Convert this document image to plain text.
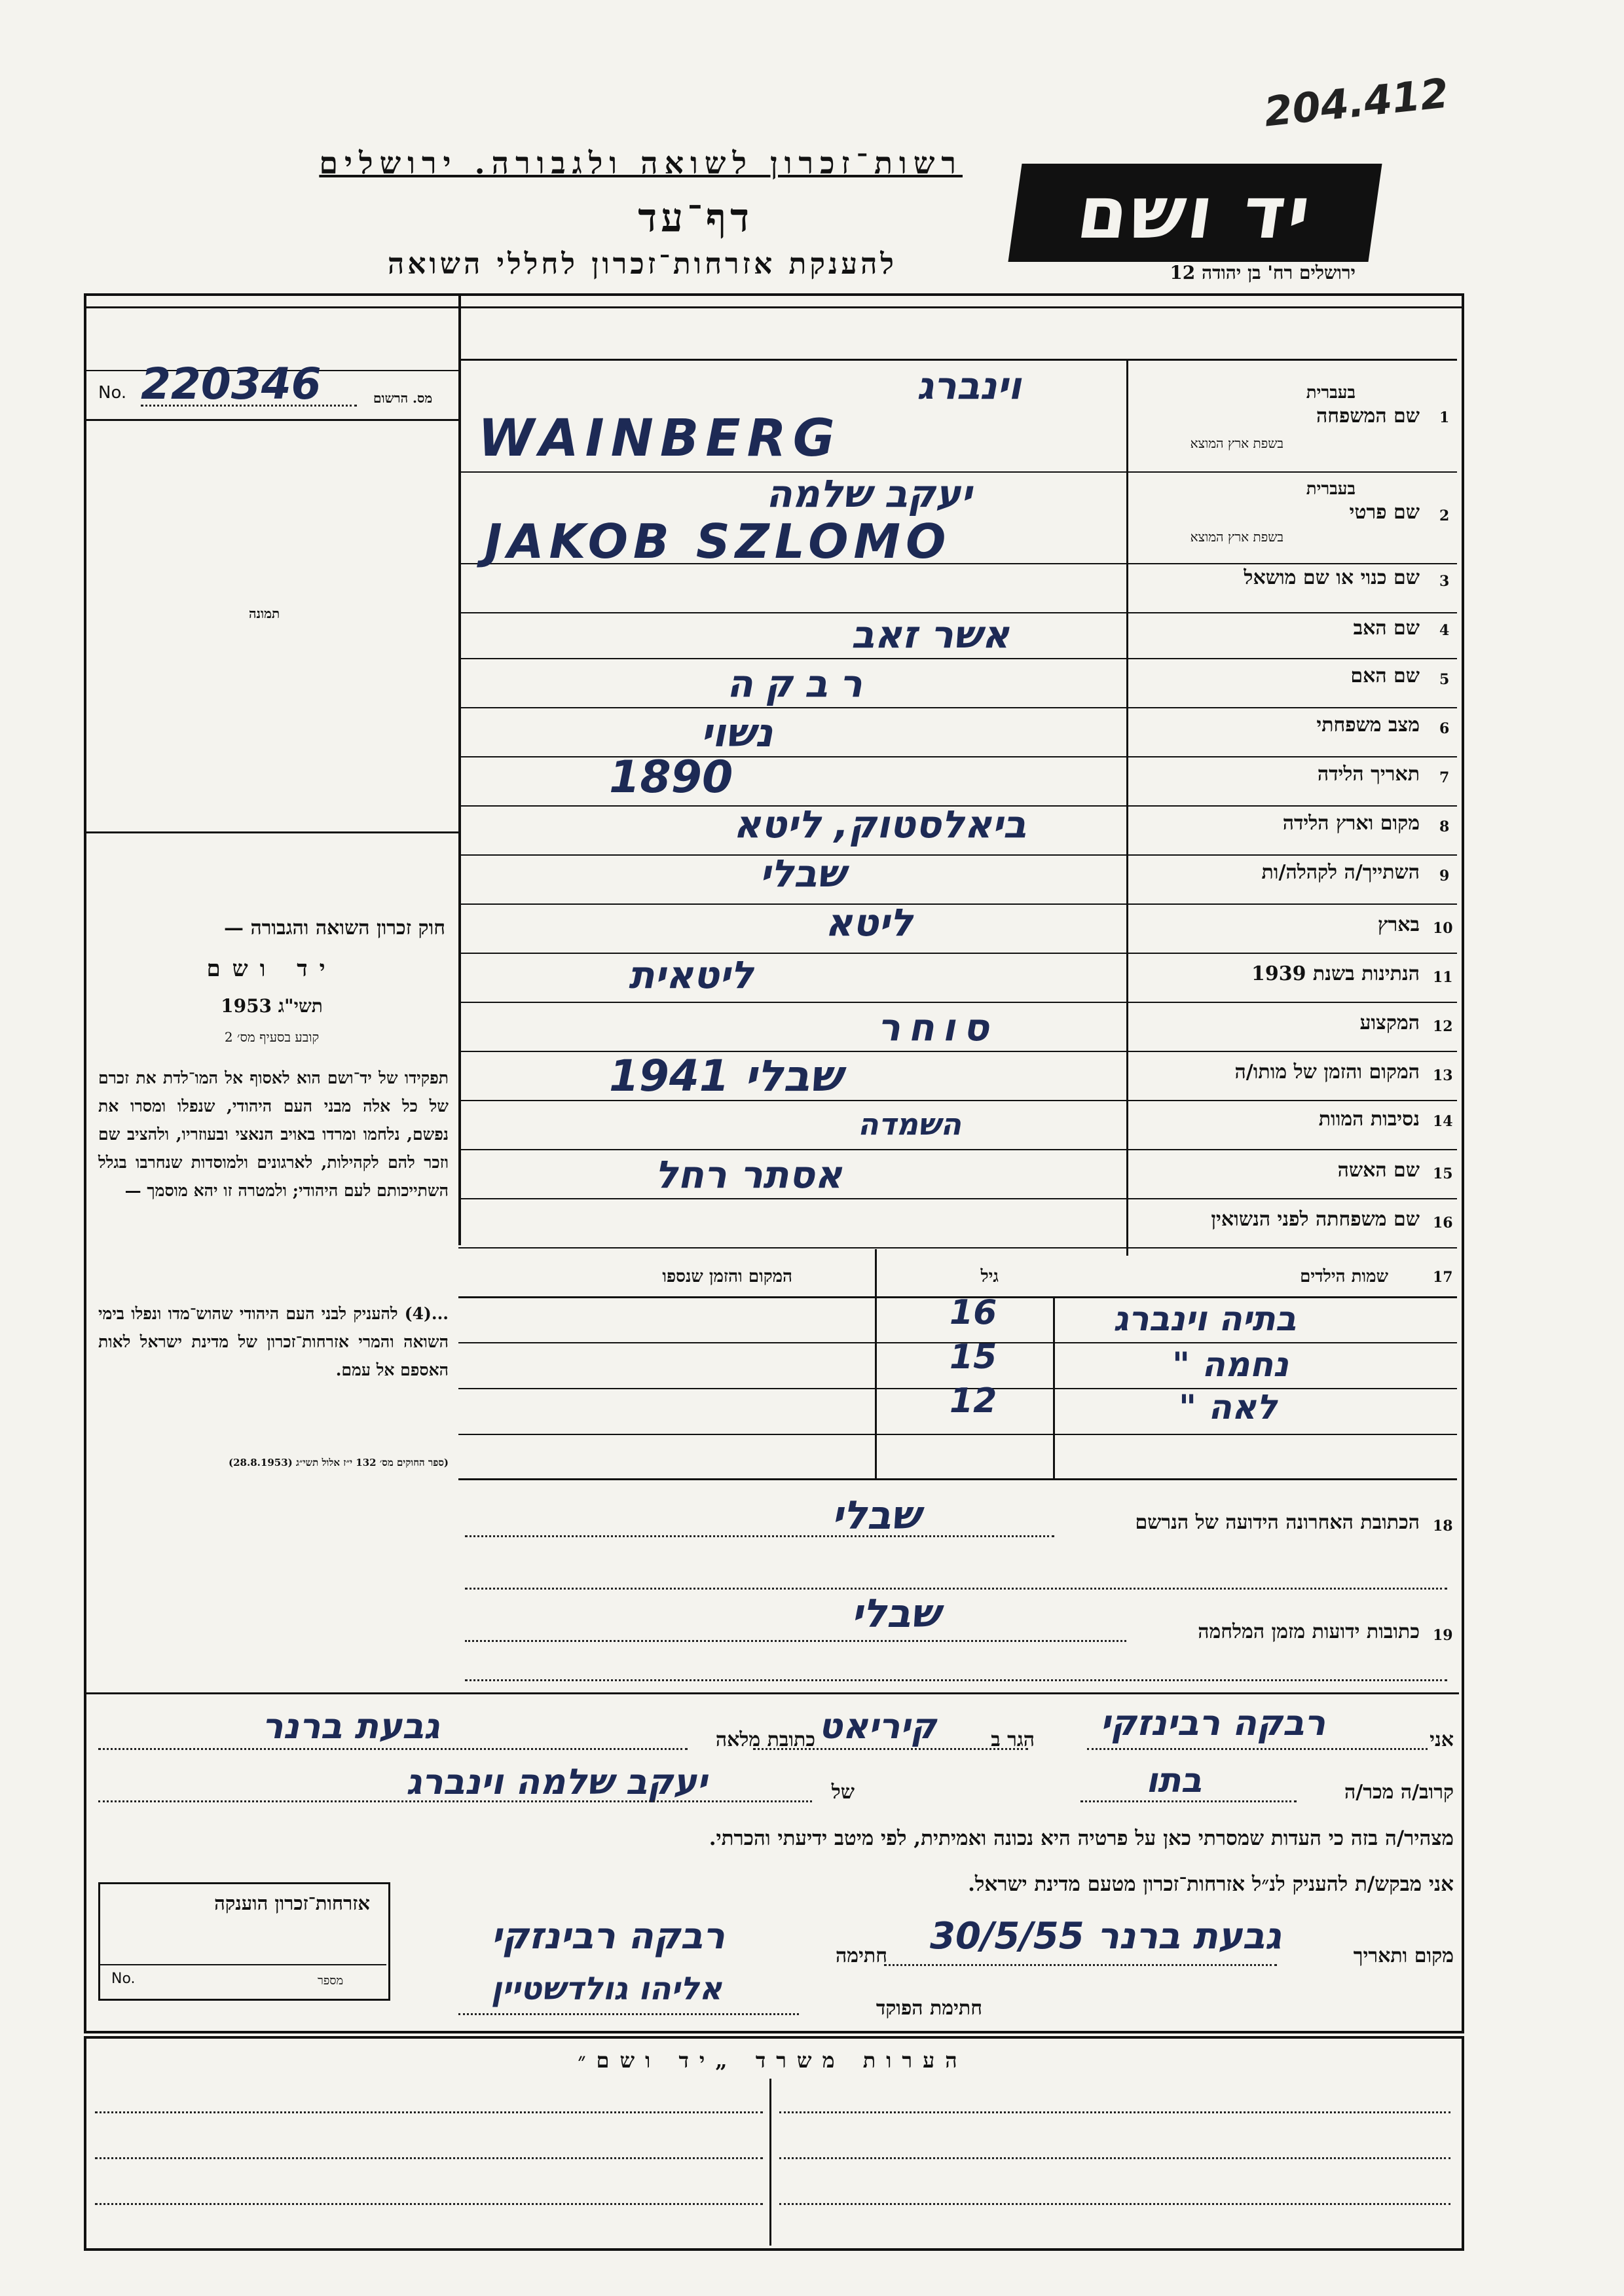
204.412
רשות־זכרון לשואה ולגבורה. ירושלים
דף־עד
להענקת אזרחות־זכרון לחללי השואה
יד ושם
ירושלים רח' בן יהודה 12
No. 220346	מס. הרשום
תמונה
חוק זכרון השואה והגבורה —
יד ושם
תשי"ג 1953
קובע בסעיף מס׳ 2
תפקידו של יד־ושם הוא לאסוף אל המו־לדת את זכרם של כל אלה מבני העם היהודי, שנפלו ומסרו את נפשם, נלחמו ומרדו באויב הנאצי ובעוזריו, ולהציב שם וזכר להם לקהילות, לארגונים ולמוסדות שנחרבו בגלל השתייכותם לעם היהודי; ולמטרה זו יהא מוסמך —
...(4) להעניק לבני העם היהודי שהוש־מדו ונפלו בימי השואה והמרי אזרחות־זכרון של מדינת ישראל לאות האספם אל עמם.
(ספר החוקים מס׳ 132 י״ז אלול תשי״ג (28.8.1953)
1
שם המשפחה
בעברית
בשפת ארץ המוצא
וינברג
WAINBERG
2
שם פרטי
בעברית
בשפת ארץ המוצא
יעקב שלמה
JAKOB SZLOMO
3
שם כנוי או שם מושאל
4
שם האב
אשר זאב
5
שם האם
רבקה
6
מצב משפחתי
נשוי
7
תאריך הלידה
1890
8
מקום וארץ הלידה
ביאלסטוק, ליטא
9
השתייך/ה לקהלה/ות
שבלי
10
בארץ
ליטא
11
הנתינות בשנת 1939
ליטאית
12
המקצוע
סוחר
13
המקום והזמן של מותו/ה
שבלי 1941
14
נסיבות המוות
השמדה
15
שם האשה
אסתר רחל
16
שם משפחתה לפני הנשואין
17
שמות הילדים
גיל
המקום והזמן שנספו
בתיה וינברג
16
נחמה "
15
לאה "
12
18
הכתובת האחרונה הידועה של הנרשם
שבלי
19
כתובות ידועות מזמן המלחמה
שבלי
אני
רבקה רבינזקי
הגר ב
קיריאט
כתובת מלאה
גבעת ברנר
קרוב/ה מכר/ה
בתו
של
יעקב שלמה וינברג
מצהיר/ה בזה כי העדות שמסרתי כאן על פרטיה היא נכונה ואמיתית, לפי מיטב ידיעתי והכרתי.
אני מבקש/ת להעניק לנ״ל אזרחות־זכרון מטעם מדינת ישראל.
אזרחות־זכרון הוענקה
No.	מספר
מקום ותאריך
גבעת ברנר 30/5/55
חתימה
רבקה רבינזקי
חתימת הפוקד
אליהו גולדשטיין
הערות משרד „יד ושם״
